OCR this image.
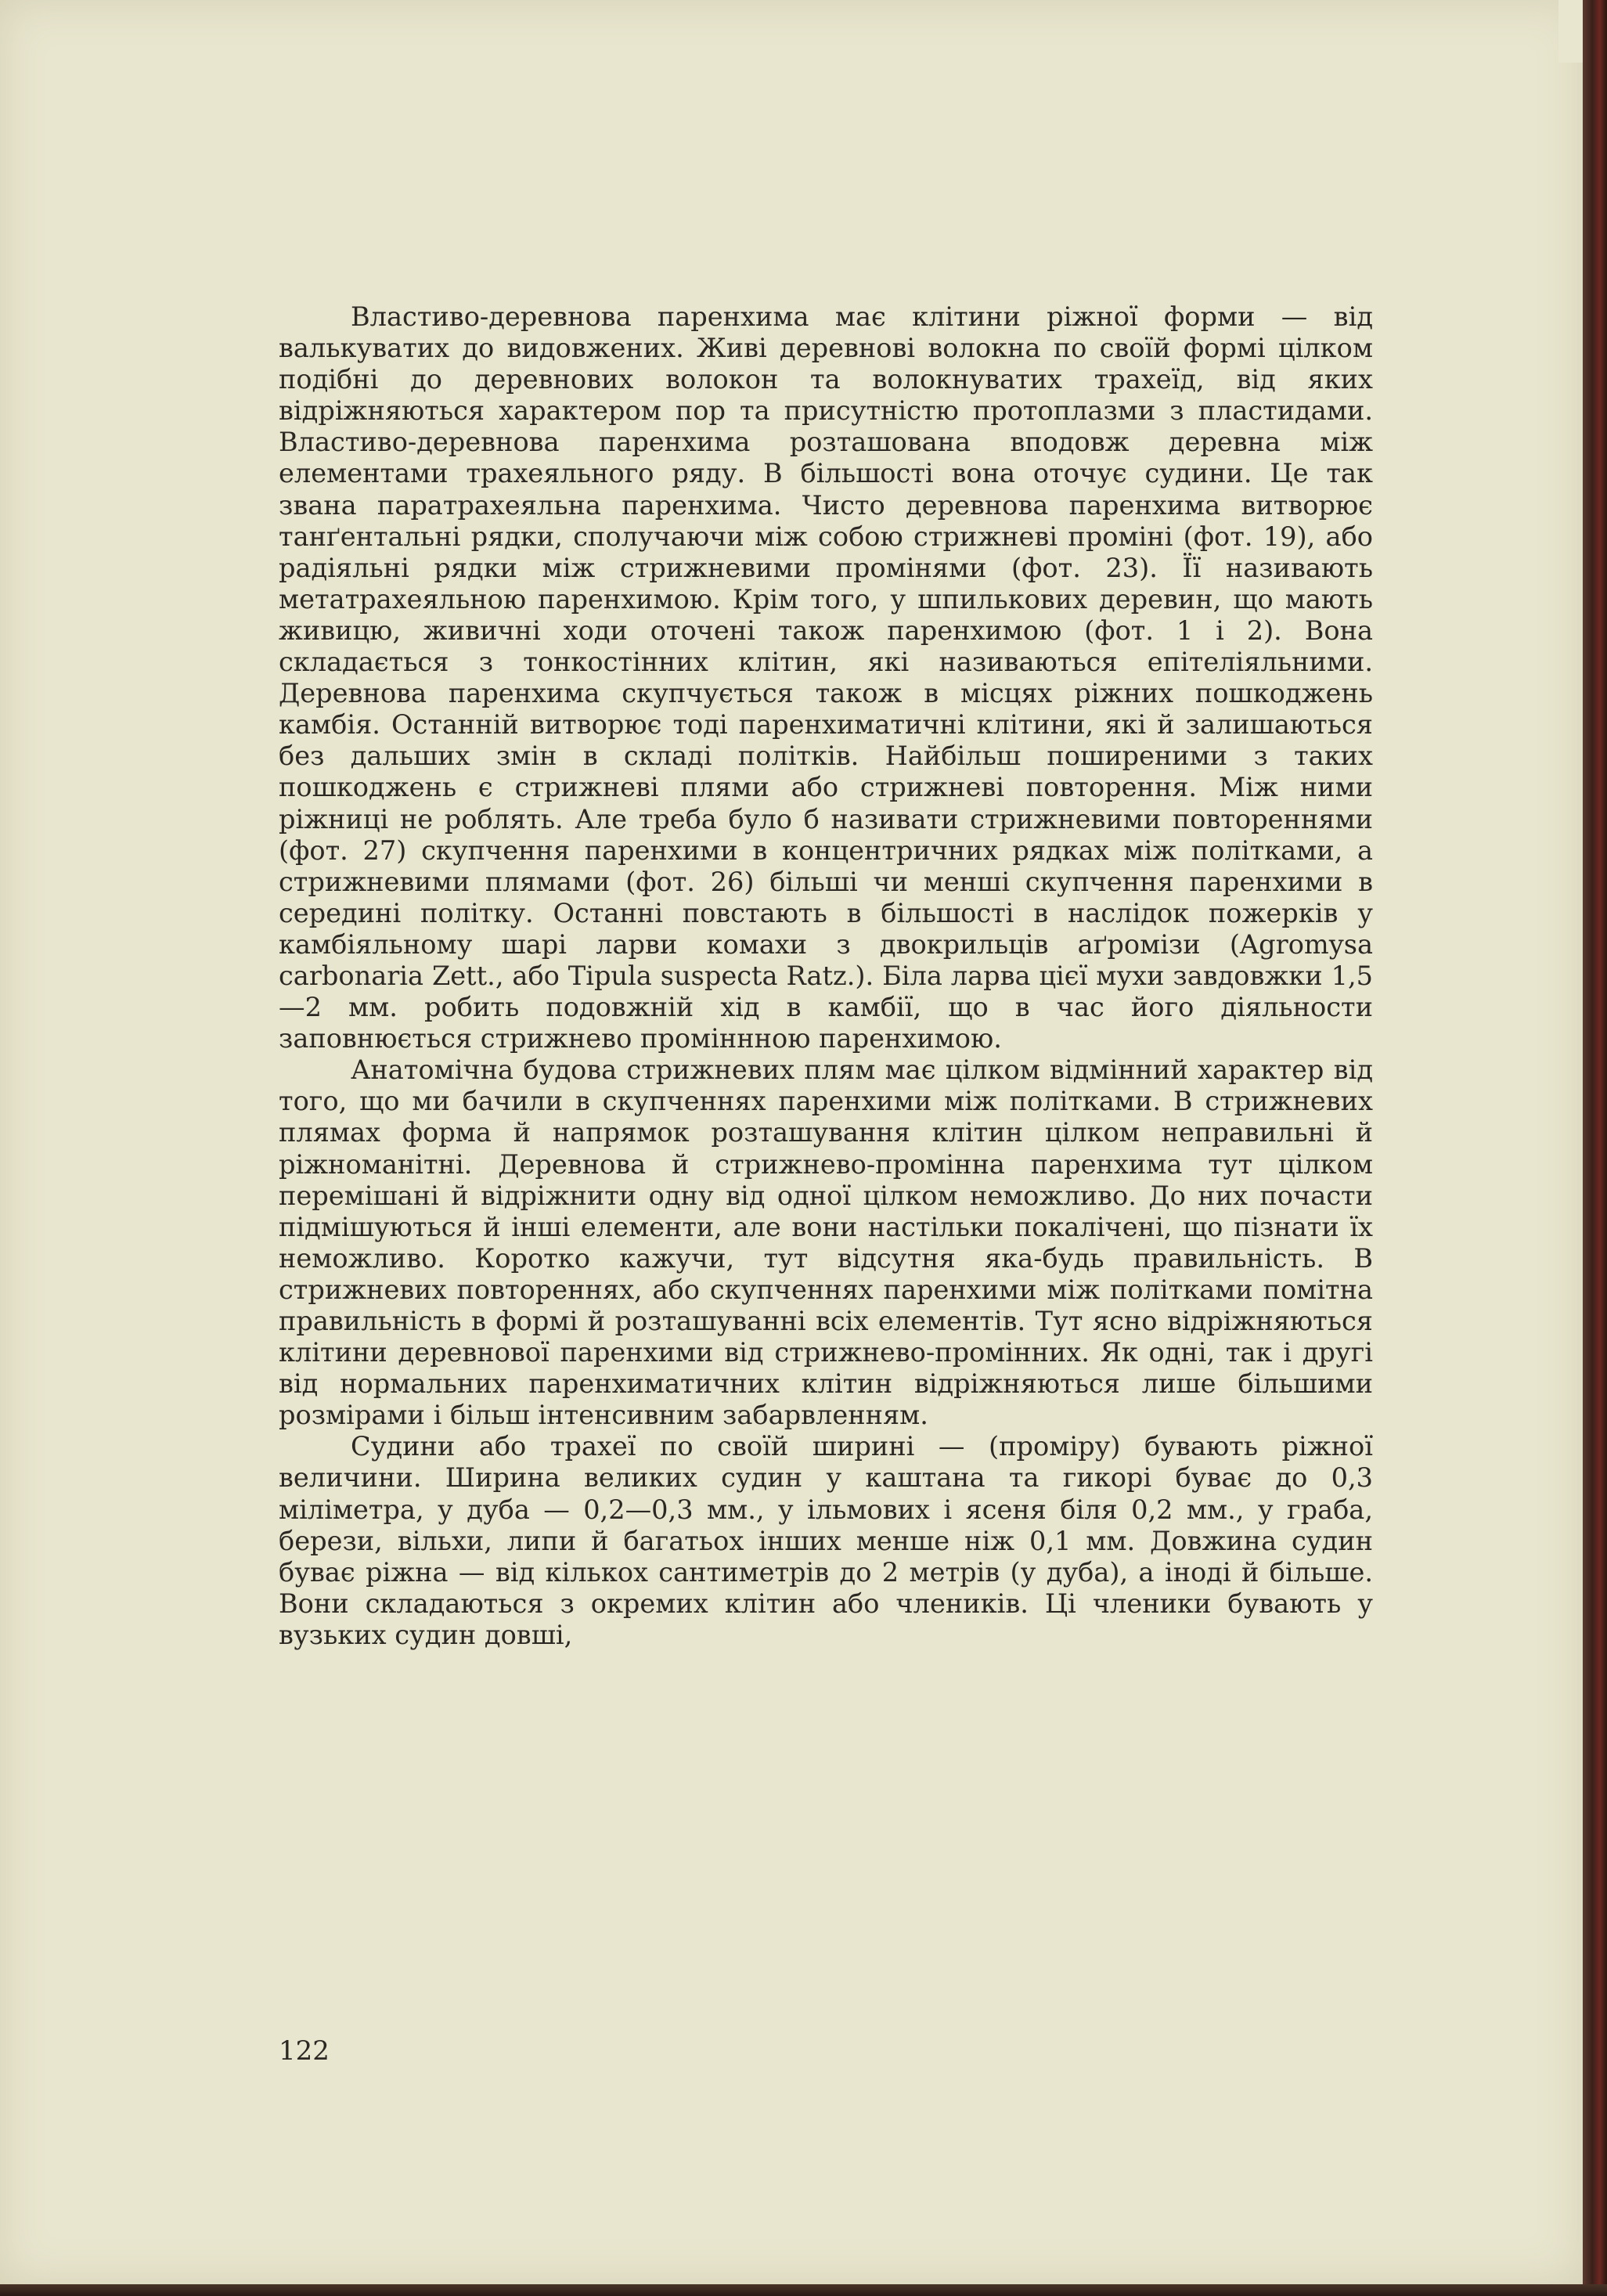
Властиво-деревнова паренхима має клітини ріжної форми — від валькуватих до видовжених. Живі деревнові волокна по своїй формі цілком подібні до деревнових волокон та волокнуватих трахеїд, від яких відріжняються характером пор та присутністю протоплазми з пластидами. Властиво-деревнова паренхима розташована вподовж деревна між елементами трахеяльного ряду. В більшості вона оточує судини. Це так звана паратрахеяльна паренхима. Чисто деревнова паренхима витворює танґентальні рядки, сполучаючи між собою стрижневі проміні (фот. 19), або радіяльні рядки між стрижневими промінями (фот. 23). Її називають метатрахеяльною паренхимою. Крім того, у шпилькових деревин, що мають живицю, живичні ходи оточені також паренхимою (фот. 1 і 2). Вона складається з тонкостінних клітин, які називаються епітеліяльними. Деревнова паренхима скупчується також в місцях ріжних пошкоджень камбія. Останній витворює тоді паренхиматичні клітини, які й залишаються без дальших змін в складі політків. Найбільш поширеними з таких пошкоджень є стрижневі плями або стрижневі повторення. Між ними ріжниці не роблять. Але треба було б називати стрижневими повтореннями (фот. 27) скупчення паренхими в концентричних рядках між політками, а стрижневими плямами (фот. 26) більші чи менші скупчення паренхими в середині політку. Останні повстають в більшості в наслідок пожерків у камбіяльному шарі ларви комахи з двокрильців аґромізи (Agromysa carbonaria Zett., або Tipula suspecta Ratz.). Біла ларва цієї мухи завдовжки 1,5—2 мм. робить подовжній хід в камбії, що в час його діяльности заповнюється стрижнево проміннною паренхимою.

Анатомічна будова стрижневих плям має цілком відмінний характер від того, що ми бачили в скупченнях паренхими між політками. В стрижневих плямах форма й напрямок розташування клітин цілком неправильні й ріжноманітні. Деревнова й стрижнево-промінна паренхима тут цілком перемішані й відріжнити одну від одної цілком неможливо. До них почасти підмішуються й інші елементи, але вони настільки покалічені, що пізнати їх неможливо. Коротко кажучи, тут відсутня яка-будь правильність. В стрижневих повтореннях, або скупченнях паренхими між політками помітна правильність в формі й розташуванні всіх елементів. Тут ясно відріжняються клітини деревнової паренхими від стрижнево-промінних. Як одні, так і другі від нормальних паренхиматичних клітин відріжняються лише більшими розмірами і більш інтенсивним забарвленням.

Судини або трахеї по своїй ширині — (проміру) бувають ріжної величини. Ширина великих судин у каштана та гикорі буває до 0,3 міліметра, у дуба — 0,2—0,3 мм., у ільмових і ясеня біля 0,2 мм., у граба, берези, вільхи, липи й багатьох інших менше ніж 0,1 мм. Довжина судин буває ріжна — від кількох сантиметрів до 2 метрів (у дуба), а іноді й більше. Вони складаються з окремих клітин або члеників. Ці членики бувають у вузьких судин довші,

122
